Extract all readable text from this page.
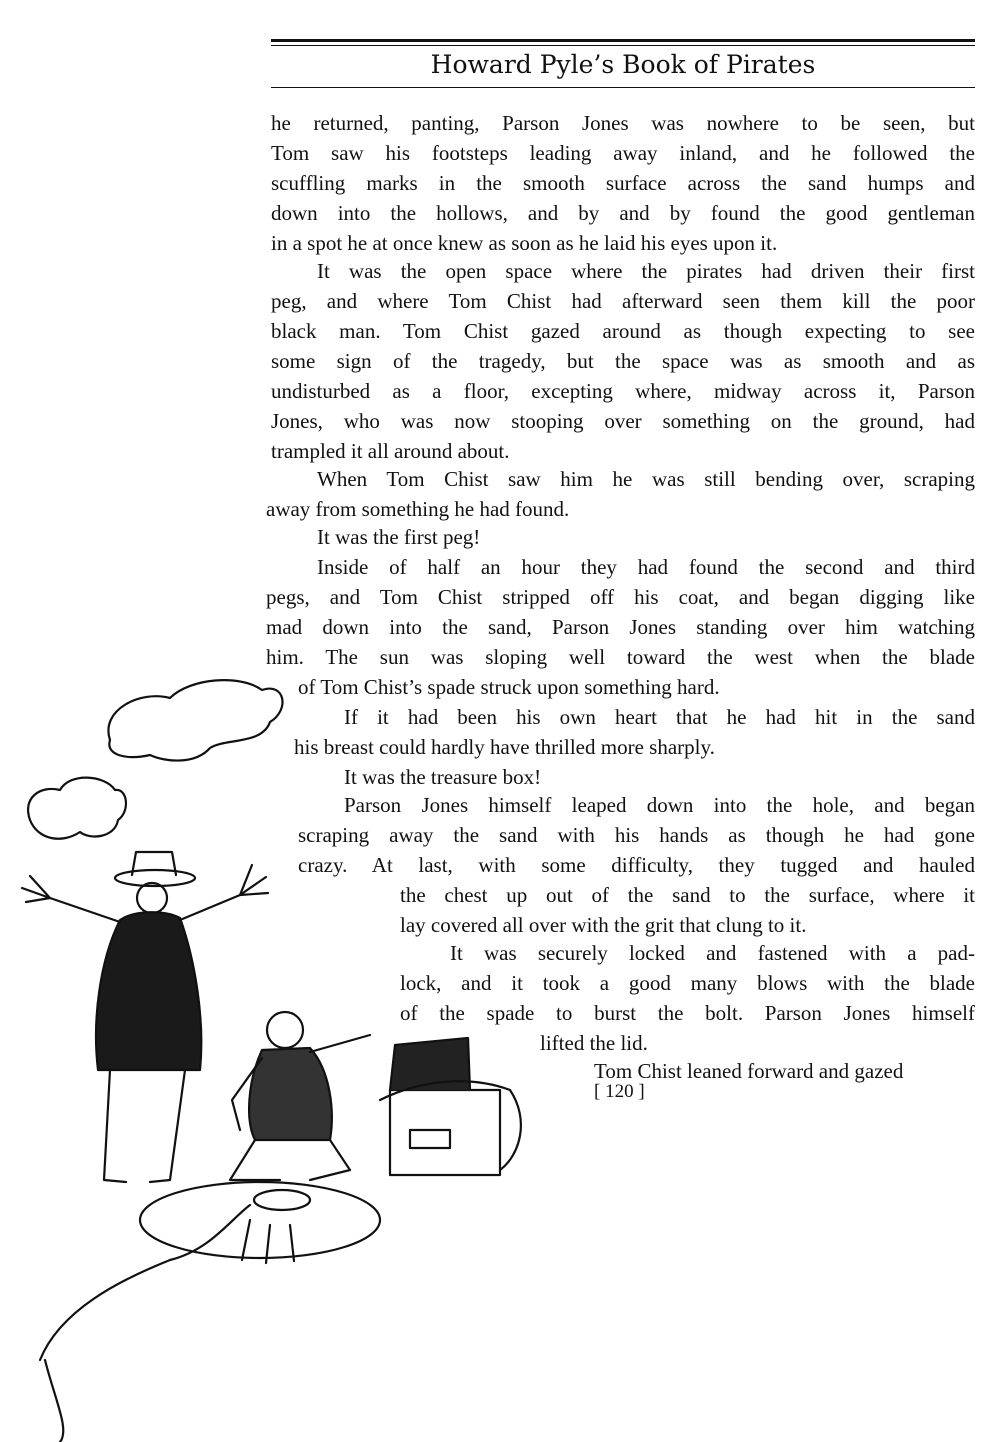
Howard Pyle’s Book of Pirates
he returned, panting, Parson Jones was nowhere to be seen, but
Tom saw his footsteps leading away inland, and he followed the
scuffling marks in the smooth surface across the sand humps and
down into the hollows, and by and by found the good gentleman
in a spot he at once knew as soon as he laid his eyes upon it.
It was the open space where the pirates had driven their first
peg, and where Tom Chist had afterward seen them kill the poor
black man. Tom Chist gazed around as though expecting to see
some sign of the tragedy, but the space was as smooth and as
undisturbed as a floor, excepting where, midway across it, Parson
Jones, who was now stooping over something on the ground, had
trampled it all around about.
When Tom Chist saw him he was still bending over, scraping
away from something he had found.
It was the first peg!
Inside of half an hour they had found the second and third
pegs, and Tom Chist stripped off his coat, and began digging like
mad down into the sand, Parson Jones standing over him watching
him. The sun was sloping well toward the west when the blade
of Tom Chist’s spade struck upon something hard.
If it had been his own heart that he had hit in the sand
his breast could hardly have thrilled more sharply.
It was the treasure box!
Parson Jones himself leaped down into the hole, and began
scraping away the sand with his hands as though he had gone
crazy. At last, with some difficulty, they tugged and hauled
the chest up out of the sand to the surface, where it
lay covered all over with the grit that clung to it.
It was securely locked and fastened with a pad-
lock, and it took a good many blows with the blade
of the spade to burst the bolt. Parson Jones himself
lifted the lid.
Tom Chist leaned forward and gazed
[ 120 ]
